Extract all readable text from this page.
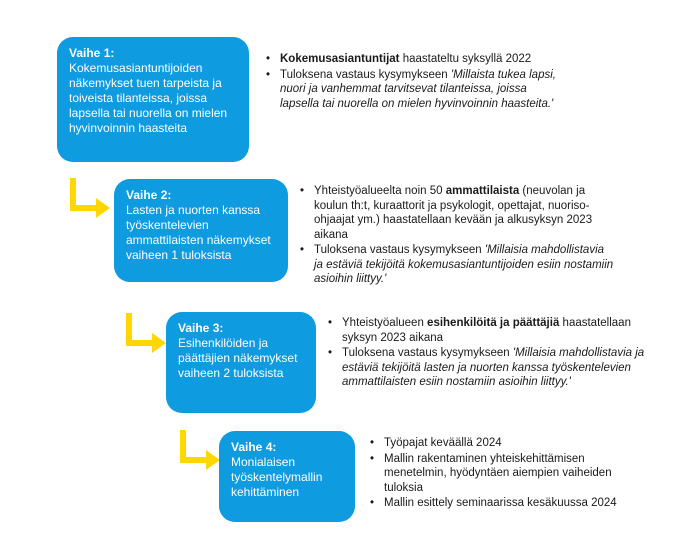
Vaihe 1:
Kokemusasiantuntijoiden näkemykset tuen tarpeista ja toiveista tilanteissa, joissa lapsella tai nuorella on mielen hyvinvoinnin haasteita
• Kokemusasiantuntijat haastateltu syksyllä 2022
• Tuloksena vastaus kysymykseen 'Millaista tukea lapsi, nuori ja vanhemmat tarvitsevat tilanteissa, joissa lapsella tai nuorella on mielen hyvinvoinnin haasteita.'
Vaihe 2:
Lasten ja nuorten kanssa työskentelevien ammattilaisten näkemykset vaiheen 1 tuloksista
• Yhteistyöalueelta noin 50 ammattilaista (neuvolan ja koulun th:t, kuraattorit ja psykologit, opettajat, nuoriso-ohjaajat ym.) haastatellaan kevään ja alkusyksyn 2023 aikana
• Tuloksena vastaus kysymykseen 'Millaisia mahdollistavia ja estäviä tekijöitä kokemusasiantuntijoiden esiin nostamiin asioihin liittyy.'
Vaihe 3:
Esihenkilöiden ja päättäjien näkemykset vaiheen 2 tuloksista
• Yhteistyöalueen esihenkilöitä ja päättäjiä haastatellaan syksyn 2023 aikana
• Tuloksena vastaus kysymykseen 'Millaisia mahdollistavia ja estäviä tekijöitä lasten ja nuorten kanssa työskentelevien ammattilaisten esiin nostamiin asioihin liittyy.'
Vaihe 4:
Monialaisen työskentelymallin kehittäminen
• Työpajat keväällä 2024
• Mallin rakentaminen yhteiskehittämisen menetelmin, hyödyntäen aiempien vaiheiden tuloksia
• Mallin esittely seminaarissa kesäkuussa 2024
